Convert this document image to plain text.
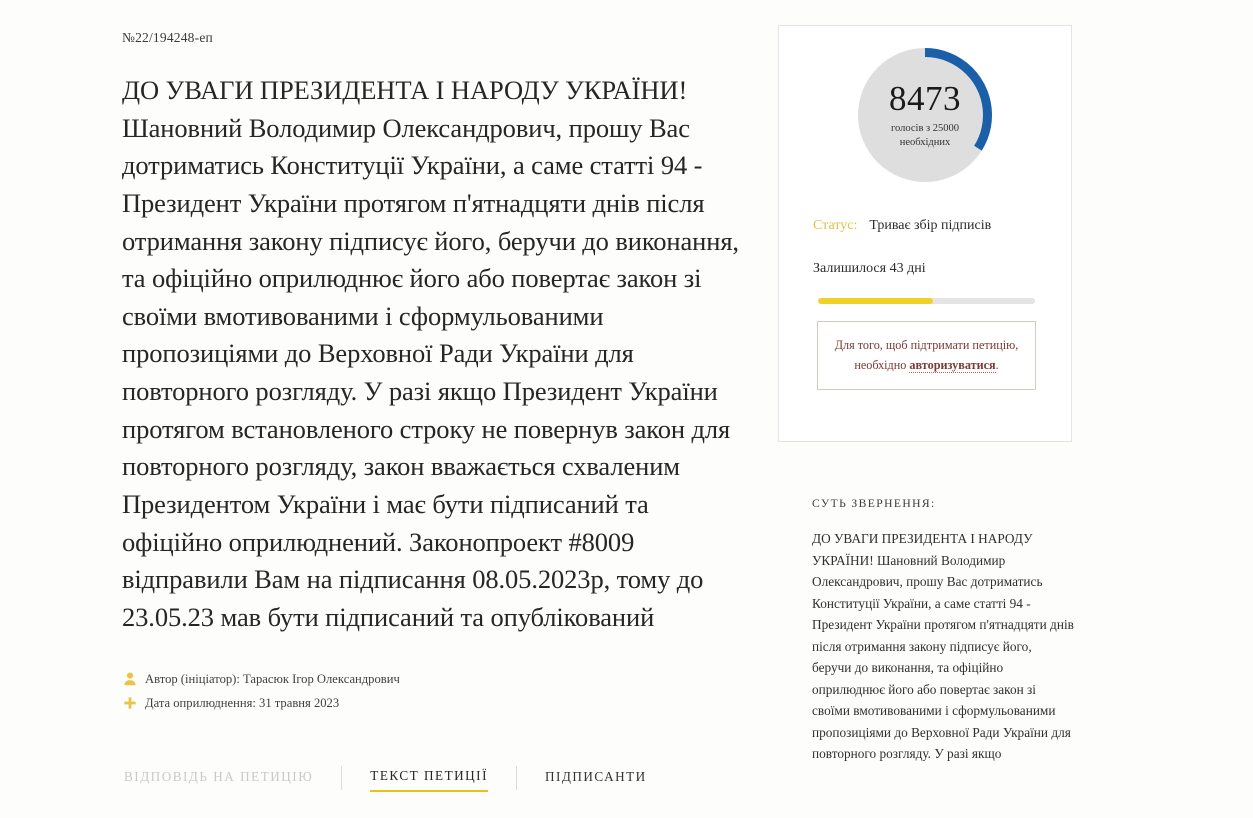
№22/194248-еп
ДО УВАГИ ПРЕЗИДЕНТА І НАРОДУ УКРАЇНИ! Шановний Володимир Олександрович, прошу Вас дотриматись Конституції України, а саме статті 94 - Президент України протягом п'ятнадцяти днів після отримання закону підписує його, беручи до виконання, та офіційно оприлюднює його або повертає закон зі своїми вмотивованими і сформульованими пропозиціями до Верховної Ради України для повторного розгляду. У разі якщо Президент України протягом встановленого строку не повернув закон для повторного розгляду, закон вважається схваленим Президентом України і має бути підписаний та офіційно оприлюднений. Законопроект #8009 відправили Вам на підписання 08.05.2023р, тому до 23.05.23 мав бути підписаний та опублікований
Автор (ініціатор): Тарасюк Ігор Олександрович
Дата оприлюднення: 31 травня 2023
ВІДПОВІДЬ НА ПЕТИЦІЮ	ТЕКСТ ПЕТИЦІЇ	ПІДПИСАНТИ
8473
голосів з 25000 необхідних
Статус: Триває збір підписів
Залишилося 43 дні
Для того, щоб підтримати петицію, необхідно авторизуватися.
СУТЬ ЗВЕРНЕННЯ:
ДО УВАГИ ПРЕЗИДЕНТА І НАРОДУ УКРАЇНИ! Шановний Володимир Олександрович, прошу Вас дотриматись Конституції України, а саме статті 94 - Президент України протягом п'ятнадцяти днів після отримання закону підписує його, беручи до виконання, та офіційно оприлюднює його або повертає закон зі своїми вмотивованими і сформульованими пропозиціями до Верховної Ради України для повторного розгляду. У разі якщо
